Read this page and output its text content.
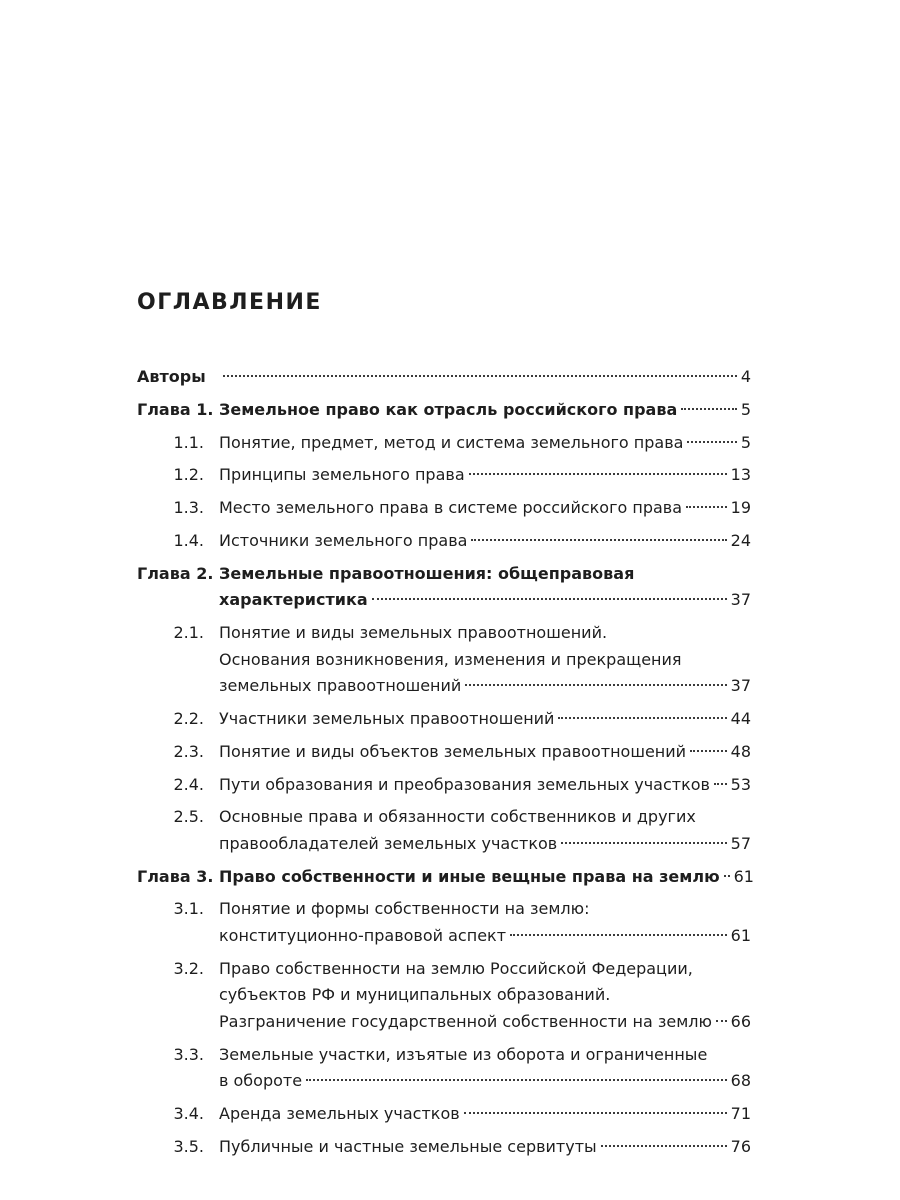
ОГЛАВЛЕНИЕ
Авторы	4
Глава 1. Земельное право как отрасль российского права	5
1.1. Понятие, предмет, метод и система земельного права	5
1.2. Принципы земельного права	13
1.3. Место земельного права в системе российского права	19
1.4. Источники земельного права	24
Глава 2. Земельные правоотношения: общеправовая
характеристика	37
2.1. Понятие и виды земельных правоотношений.
Основания возникновения, изменения и прекращения
земельных правоотношений	37
2.2. Участники земельных правоотношений	44
2.3. Понятие и виды объектов земельных правоотношений	48
2.4. Пути образования и преобразования земельных участков 53
2.5. Основные права и обязанности собственников и других
правообладателей земельных участков	57
Глава 3. Право собственности и иные вещные права на землю 61
3.1. Понятие и формы собственности на землю:
конституционно-правовой аспект	61
3.2. Право собственности на землю Российской Федерации,
субъектов РФ и муниципальных образований.
Разграничение государственной собственности на землю 66
3.3. Земельные участки, изъятые из оборота и ограниченные
в обороте	68
3.4. Аренда земельных участков	71
3.5. Публичные и частные земельные сервитуты	76
